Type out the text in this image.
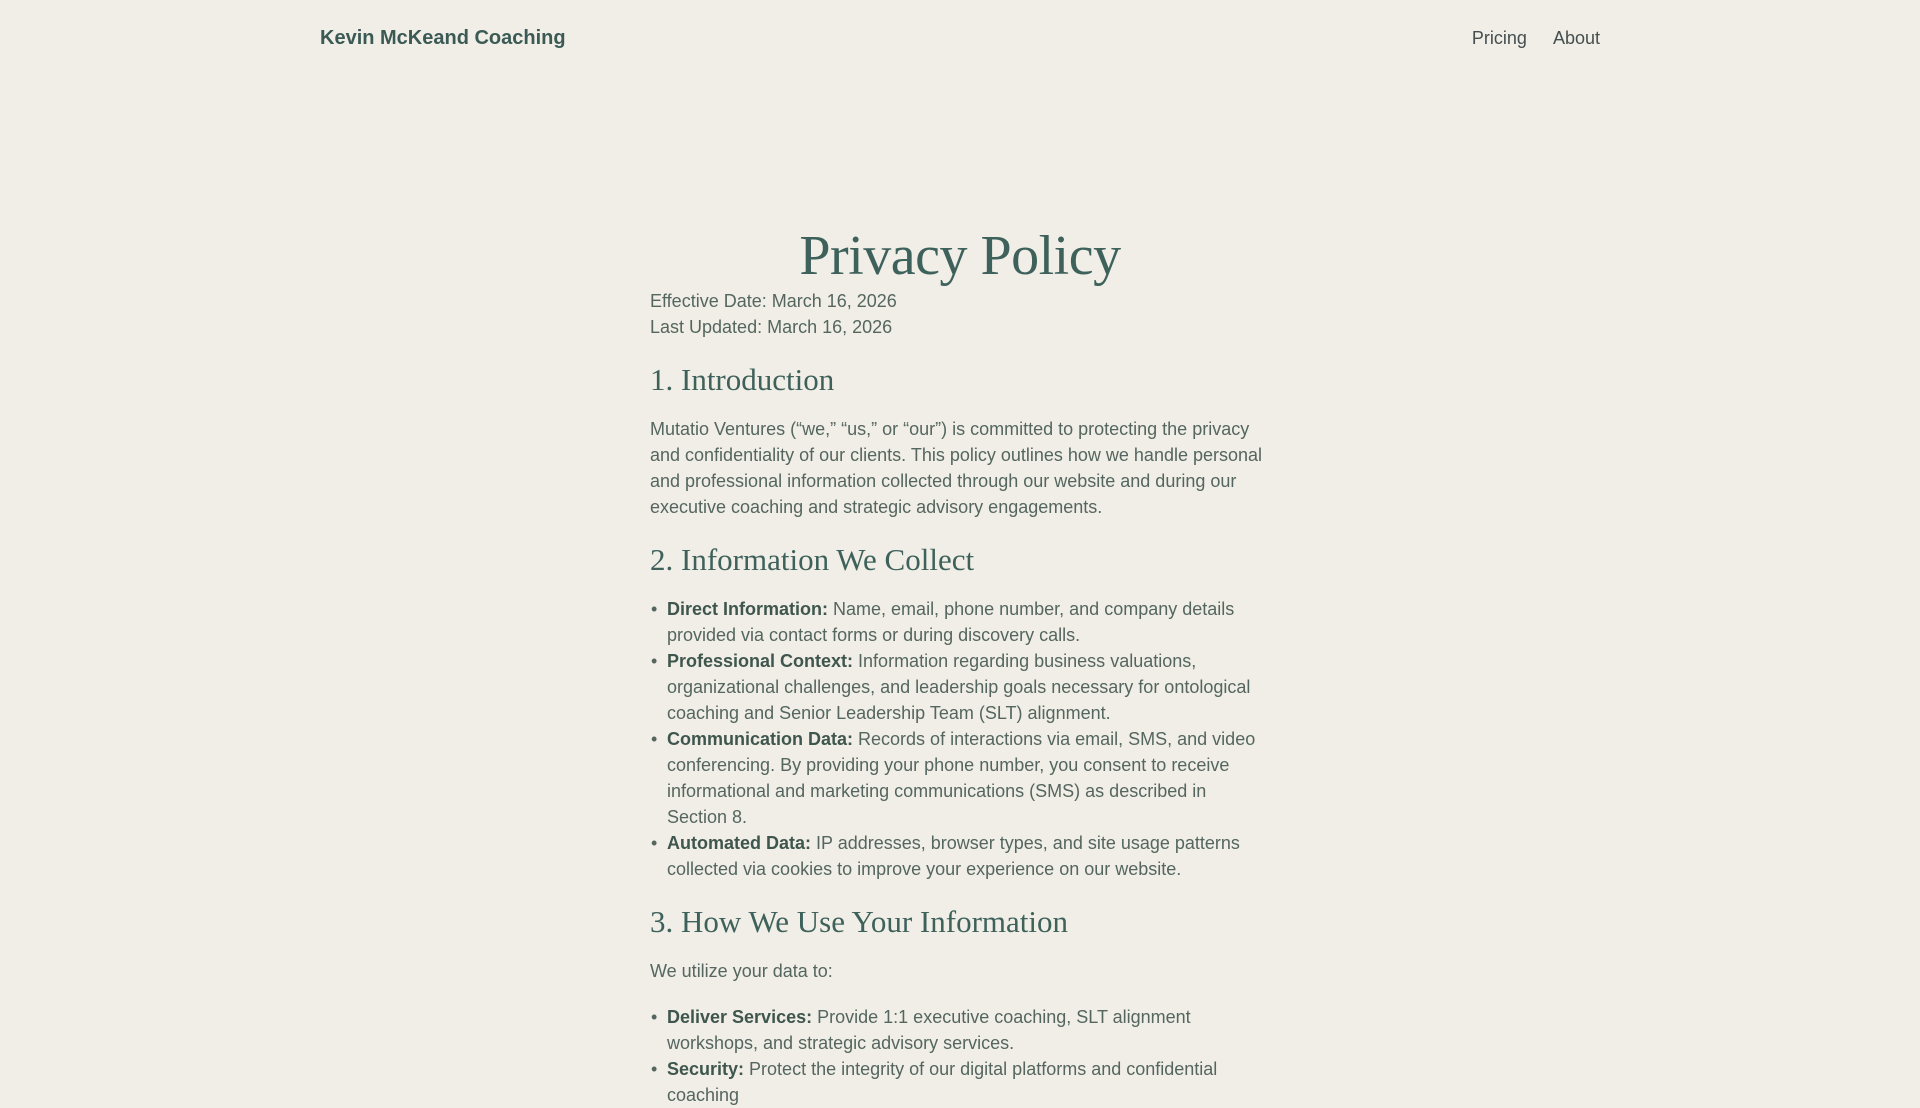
Kevin McKeand Coaching	Pricing About
Privacy Policy

Effective Date: March 16, 2026
Last Updated: March 16, 2026

1. Introduction

Mutatio Ventures (“we,” “us,” or “our”) is committed to protecting the privacy and confidentiality of our clients. This policy outlines how we handle personal and professional information collected through our website and during our executive coaching and strategic advisory engagements.

2. Information We Collect
• Direct Information: Name, email, phone number, and company details provided via contact forms or during discovery calls.
• Professional Context: Information regarding business valuations, organizational challenges, and leadership goals necessary for ontological coaching and Senior Leadership Team (SLT) alignment.
• Communication Data: Records of interactions via email, SMS, and video conferencing. By providing your phone number, you consent to receive informational and marketing communications (SMS) as described in Section 8.
• Automated Data: IP addresses, browser types, and site usage patterns collected via cookies to improve your experience on our website.
3. How We Use Your Information

We utilize your data to:

• Deliver Services: Provide 1:1 executive coaching, SLT alignment workshops, and strategic advisory services.
• Security: Protect the integrity of our digital platforms and confidential coaching
